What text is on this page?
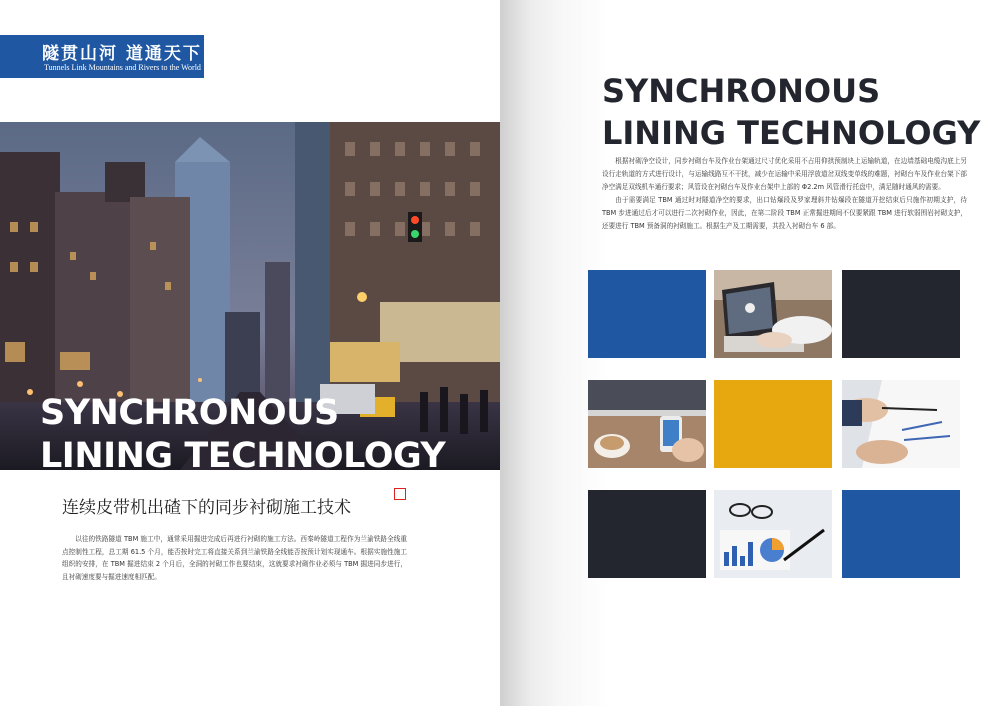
隧贯山河 道通天下
Tunnels Link Mountains and Rivers to the World
SYNCHRONOUS
LINING TECHNOLOGY
连续皮带机出碴下的同步衬砌施工技术
以往的铁路隧道 TBM 施工中，通常采用掘进完成后再进行衬砌的施工方法。西秦岭隧道工程作为兰渝铁路全线重点控制性工程，总工期 61.5 个月，能否按时完工将直接关系到兰渝铁路全线能否按预计划实现通车。根据实施性施工组织的安排，在 TBM 掘进结束 2 个月后，全洞的衬砌工作也要结束，这就要求衬砌作业必须与 TBM 掘进同步进行，且衬砌速度要与掘进速度相匹配。
SYNCHRONOUS
LINING TECHNOLOGY

根据衬砌净空设计，同步衬砌台车及作业台架通过尺寸优化采用不占用仰拱预制块上运输轨道，在边墙基础电缆沟底上另设行走轨道的方式进行设计，与运输线路互不干扰，减少在运输中采用浮放道岔双线变单线的难题，衬砌台车及作业台架下部净空满足双线机车通行要求；风管设在衬砌台车及作业台架中上部的 Φ2.2m 风管滑行托盘中，满足随时通风的需要。

由于需要满足 TBM 通过时对隧道净空的要求，出口钻爆段及罗家理斜井钻爆段在隧道开挖结束后只施作初期支护，待 TBM 步进通过后才可以进行二次衬砌作业，因此，在第二阶段 TBM 正常掘进期间不仅要紧跟 TBM 进行软弱围岩衬砌支护，还要进行 TBM 预备洞的衬砌施工。根据生产及工期需要，共投入衬砌台车 6 部。
